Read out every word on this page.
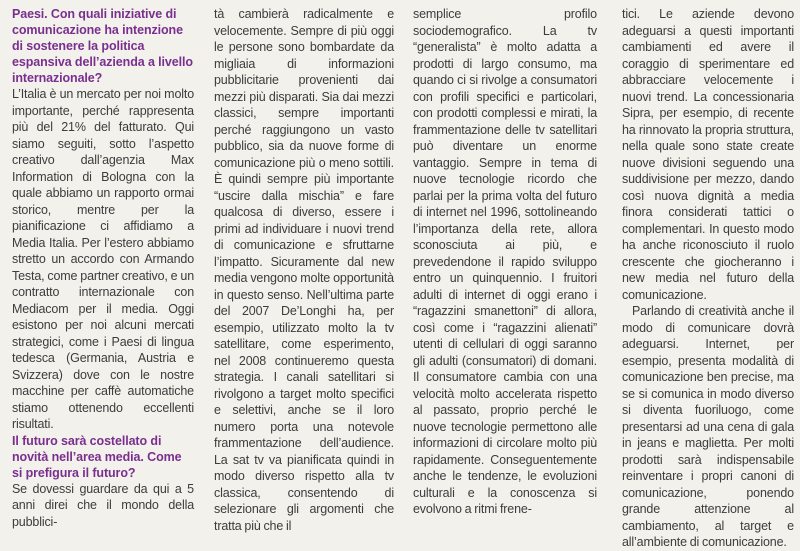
Paesi. Con quali iniziative di comunicazione ha intenzione di sostenere la politica espansiva dell’azienda a livello internazionale?

L’Italia è un mercato per noi molto importante, perché rappresenta più del 21% del fatturato. Qui siamo seguiti, sotto l’aspetto creativo dall’agenzia Max Information di Bologna con la quale abbiamo un rapporto ormai storico, mentre per la pianificazione ci affidiamo a Media Italia. Per l’estero abbiamo stretto un accordo con Armando Testa, come partner creativo, e un contratto internazionale con Mediacom per il media. Oggi esistono per noi alcuni mercati strategici, come i Paesi di lingua tedesca (Germania, Austria e Svizzera) dove con le nostre macchine per caffè automatiche stiamo ottenendo eccellenti risultati.

Il futuro sarà costellato di novità nell’area media. Come si prefigura il futuro?

Se dovessi guardare da qui a 5 anni direi che il mondo della pubblici-

tà cambierà radicalmente e velocemente. Sempre di più oggi le persone sono bombardate da migliaia di informazioni pubblicitarie provenienti dai mezzi più disparati. Sia dai mezzi classici, sempre importanti perché raggiungono un vasto pubblico, sia da nuove forme di comunicazione più o meno sottili. È quindi sempre più importante “uscire dalla mischia” e fare qualcosa di diverso, essere i primi ad individuare i nuovi trend di comunicazione e sfruttarne l’impatto. Sicuramente dal new media vengono molte opportunità in questo senso. Nell’ultima parte del 2007 De’Longhi ha, per esempio, utilizzato molto la tv satellitare, come esperimento, nel 2008 continueremo questa strategia. I canali satellitari si rivolgono a target molto specifici e selettivi, anche se il loro numero porta una notevole frammentazione dell’audience. La sat tv va pianificata quindi in modo diverso rispetto alla tv classica, consentendo di selezionare gli argomenti che tratta più che il

semplice profilo sociodemografico. La tv “generalista” è molto adatta a prodotti di largo consumo, ma quando ci si rivolge a consumatori con profili specifici e particolari, con prodotti complessi e mirati, la frammentazione delle tv satellitari può diventare un enorme vantaggio. Sempre in tema di nuove tecnologie ricordo che parlai per la prima volta del futuro di internet nel 1996, sottolineando l’importanza della rete, allora sconosciuta ai più, e prevedendone il rapido sviluppo entro un quinquennio. I fruitori adulti di internet di oggi erano i “ragazzini smanettoni” di allora, così come i “ragazzini alienati” utenti di cellulari di oggi saranno gli adulti (consumatori) di domani. Il consumatore cambia con una velocità molto accelerata rispetto al passato, proprio perché le nuove tecnologie permettono alle informazioni di circolare molto più rapidamente. Conseguentemente anche le tendenze, le evoluzioni culturali e la conoscenza si evolvono a ritmi frene-

tici. Le aziende devono adeguarsi a questi importanti cambiamenti ed avere il coraggio di sperimentare ed abbracciare velocemente i nuovi trend. La concessionaria Sipra, per esempio, di recente ha rinnovato la propria struttura, nella quale sono state create nuove divisioni seguendo una suddivisione per mezzo, dando così nuova dignità a media finora considerati tattici o complementari. In questo modo ha anche riconosciuto il ruolo crescente che giocheranno i new media nel futuro della comunicazione.

Parlando di creatività anche il modo di comunicare dovrà adeguarsi. Internet, per esempio, presenta modalità di comunicazione ben precise, ma se si comunica in modo diverso si diventa fuoriluogo, come presentarsi ad una cena di gala in jeans e maglietta. Per molti prodotti sarà indispensabile reinventare i propri canoni di comunicazione, ponendo grande attenzione al cambiamento, al target e all’ambiente di comunicazione.
